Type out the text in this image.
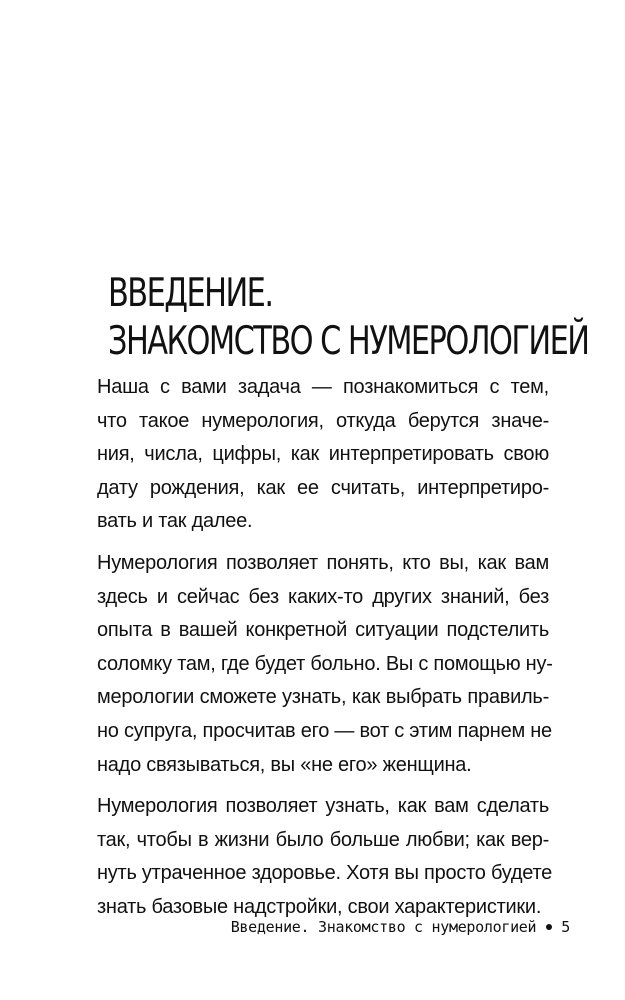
ВВЕДЕНИЕ.
ЗНАКОМСТВО С НУМЕРОЛОГИЕЙ

Наша с вами задача — познакомиться с тем,
что такое нумерология, откуда берутся значе-
ния, числа, цифры, как интерпретировать свою
дату рождения, как ее считать, интерпретиро-
вать и так далее.

Нумерология позволяет понять, кто вы, как вам
здесь и сейчас без каких-то других знаний, без
опыта в вашей конкретной ситуации подстелить
соломку там, где будет больно. Вы с помощью ну-
мерологии сможете узнать, как выбрать правиль-
но супруга, просчитав его — вот с этим парнем не
надо связываться, вы «не его» женщина.

Нумерология позволяет узнать, как вам сделать
так, чтобы в жизни было больше любви; как вер-
нуть утраченное здоровье. Хотя вы просто будете
знать базовые надстройки, свои характеристики.

Введение. Знакомство с нумерологией 5
